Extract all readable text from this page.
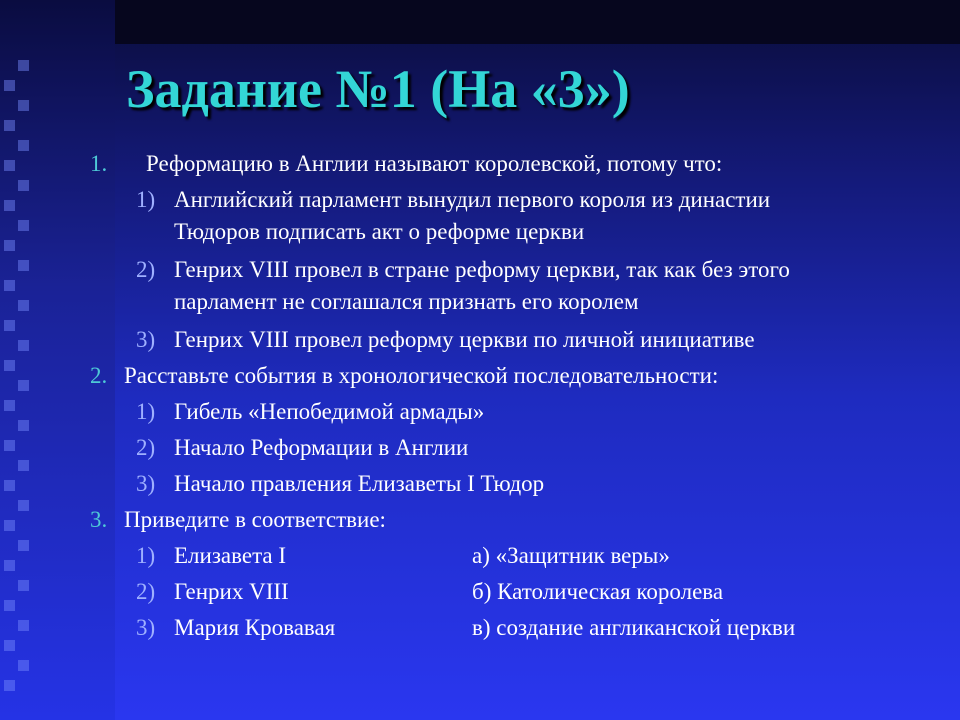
Задание №1 (На «3»)
1. Реформацию в Англии называют королевской, потому что:
1) Английский парламент вынудил первого короля из династии
Тюдоров подписать акт о реформе церкви
2) Генрих VIII провел в стране реформу церкви, так как без этого
парламент не соглашался признать его королем
3) Генрих VIII провел реформу церкви по личной инициативе
2. Расставьте события в хронологической последовательности:
1) Гибель «Непобедимой армады»
2) Начало Реформации в Англии
3) Начало правления Елизаветы I Тюдор
3. Приведите в соответствие:
1) Елизавета I	а) «Защитник веры»
2) Генрих VIII	б) Католическая королева
3) Мария Кровавая	в) создание англиканской церкви
